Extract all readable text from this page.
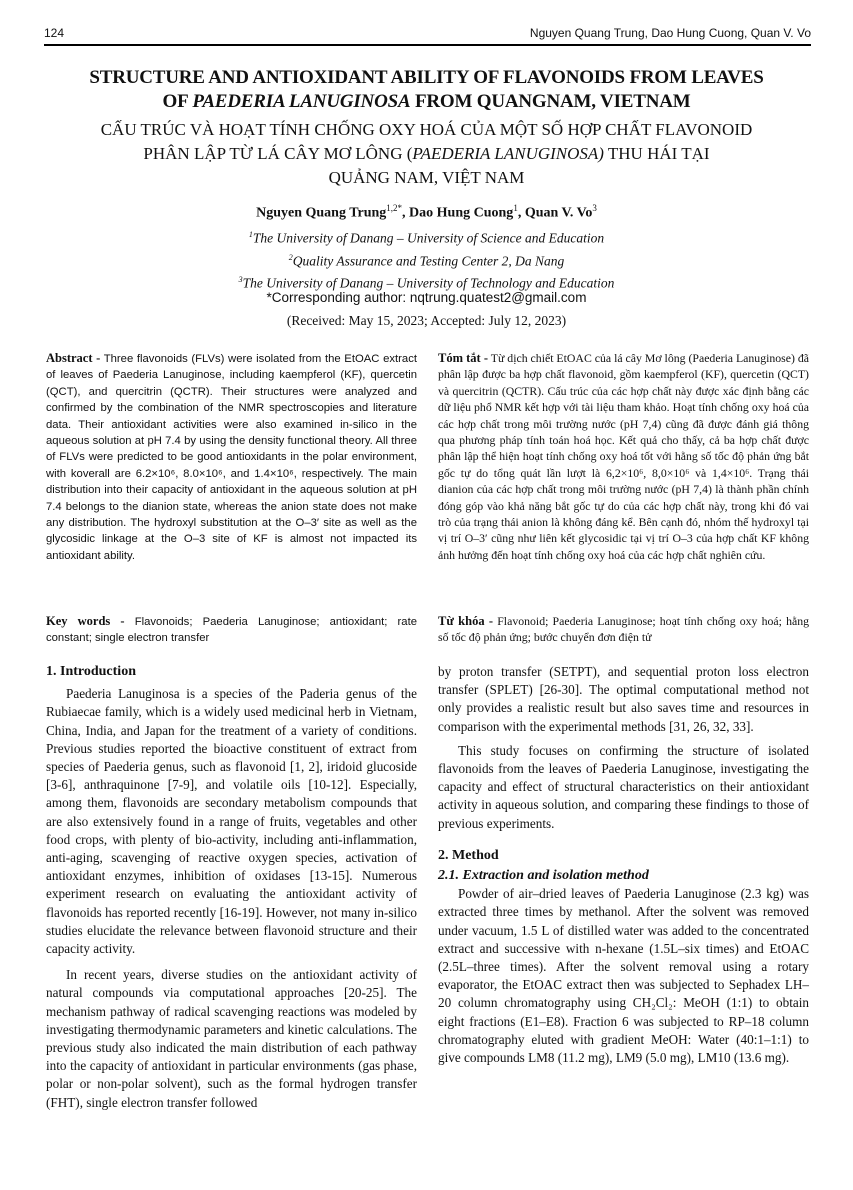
124	Nguyen Quang Trung, Dao Hung Cuong, Quan V. Vo
STRUCTURE AND ANTIOXIDANT ABILITY OF FLAVONOIDS FROM LEAVES
OF PAEDERIA LANUGINOSA FROM QUANGNAM, VIETNAM
CẤU TRÚC VÀ HOẠT TÍNH CHỐNG OXY HOÁ CỦA MỘT SỐ HỢP CHẤT FLAVONOID
PHÂN LẬP TỪ LÁ CÂY MƠ LÔNG (PAEDERIA LANUGINOSA) THU HÁI TẠI
QUẢNG NAM, VIỆT NAM
Nguyen Quang Trung$^{1,2*}$, Dao Hung Cuong$^1$, Quan V. Vo$^3$
$^1$The University of Danang – University of Science and Education
$^2$Quality Assurance and Testing Center 2, Da Nang
$^3$The University of Danang – University of Technology and Education
*Corresponding author: nqtrung.quatest2@gmail.com
(Received: May 15, 2023; Accepted: July 12, 2023)
Abstract - Three flavonoids (FLVs) were isolated from the EtOAC extract of leaves of Paederia Lanuginose, including kaempferol (KF), quercetin (QCT), and quercitrin (QCTR). Their structures were analyzed and confirmed by the combination of the NMR spectroscopies and literature data. Their antioxidant activities were also examined in-silico in the aqueous solution at pH 7.4 by using the density functional theory. All three of FLVs were predicted to be good antioxidants in the polar environment, with koverall are 6.2×10⁶, 8.0×10⁶, and 1.4×10⁶, respectively. The main distribution into their capacity of antioxidant in the aqueous solution at pH 7.4 belongs to the dianion state, whereas the anion state does not make any distribution. The hydroxyl substitution at the O–3′ site as well as the glycosidic linkage at the O–3 site of KF is almost not impacted its antioxidant ability.
Key words - Flavonoids; Paederia Lanuginose; antioxidant; rate constant; single electron transfer
Tóm tắt - Từ dịch chiết EtOAC của lá cây Mơ lông (Paederia Lanuginose) đã phân lập được ba hợp chất flavonoid, gồm kaempferol (KF), quercetin (QCT) và quercitrin (QCTR). Cấu trúc của các hợp chất này được xác định bằng các dữ liệu phổ NMR kết hợp với tài liệu tham khảo. Hoạt tính chống oxy hoá của các hợp chất trong môi trường nước (pH 7,4) cũng đã được đánh giá thông qua phương pháp tính toán hoá học. Kết quả cho thấy, cả ba hợp chất được phân lập thể hiện hoạt tính chống oxy hoá tốt với hằng số tốc độ phản ứng bắt gốc tự do tổng quát lần lượt là 6,2×10⁶, 8,0×10⁶ và 1,4×10⁶. Trạng thái dianion của các hợp chất trong môi trường nước (pH 7,4) là thành phần chính đóng góp vào khả năng bắt gốc tự do của các hợp chất này, trong khi đó vai trò của trạng thái anion là không đáng kể. Bên cạnh đó, nhóm thế hydroxyl tại vị trí O–3′ cũng như liên kết glycosidic tại vị trí O–3 của hợp chất KF không ảnh hưởng đến hoạt tính chống oxy hoá của các hợp chất nghiên cứu.
Từ khóa - Flavonoid; Paederia Lanuginose; hoạt tính chống oxy hoá; hằng số tốc độ phản ứng; bước chuyển đơn điện tử
1. Introduction

Paederia Lanuginosa is a species of the Paderia genus of the Rubiaecae family, which is a widely used medicinal herb in Vietnam, China, India, and Japan for the treatment of a variety of conditions. Previous studies reported the bioactive constituent of extract from species of Paederia genus, such as flavonoid [1, 2], iridoid glucoside [3-6], anthraquinone [7-9], and volatile oils [10-12]. Especially, among them, flavonoids are secondary metabolism compounds that are also extensively found in a range of fruits, vegetables and other food crops, with plenty of bio-activity, including anti-inflammation, anti-aging, scavenging of reactive oxygen species, activation of antioxidant enzymes, inhibition of oxidases [13-15]. Numerous experiment research on evaluating the antioxidant activity of flavonoids has reported recently [16-19]. However, not many in-silico studies elucidate the relevance between flavonoid structure and their capacity activity.

In recent years, diverse studies on the antioxidant activity of natural compounds via computational approaches [20-25]. The mechanism pathway of radical scavenging reactions was modeled by investigating thermodynamic parameters and kinetic calculations. The previous study also indicated the main distribution of each pathway into the capacity of antioxidant in particular environments (gas phase, polar or non-polar solvent), such as the formal hydrogen transfer (FHT), single electron transfer followed

by proton transfer (SETPT), and sequential proton loss electron transfer (SPLET) [26-30]. The optimal computational method not only provides a realistic result but also saves time and resources in comparison with the experimental methods [31, 26, 32, 33].

This study focuses on confirming the structure of isolated flavonoids from the leaves of Paederia Lanuginose, investigating the capacity and effect of structural characteristics on their antioxidant activity in aqueous solution, and comparing these findings to those of previous experiments.

2. Method
2.1. Extraction and isolation method

Powder of air–dried leaves of Paederia Lanuginose (2.3 kg) was extracted three times by methanol. After the solvent was removed under vacuum, 1.5 L of distilled water was added to the concentrated extract and successive with n-hexane (1.5L–six times) and EtOAC (2.5L–three times). After the solvent removal using a rotary evaporator, the EtOAC extract then was subjected to Sephadex LH–20 column chromatography using CH₂Cl₂: MeOH (1:1) to obtain eight fractions (E1–E8). Fraction 6 was subjected to RP–18 column chromatography eluted with gradient MeOH: Water (40:1–1:1) to give compounds LM8 (11.2 mg), LM9 (5.0 mg), LM10 (13.6 mg).
